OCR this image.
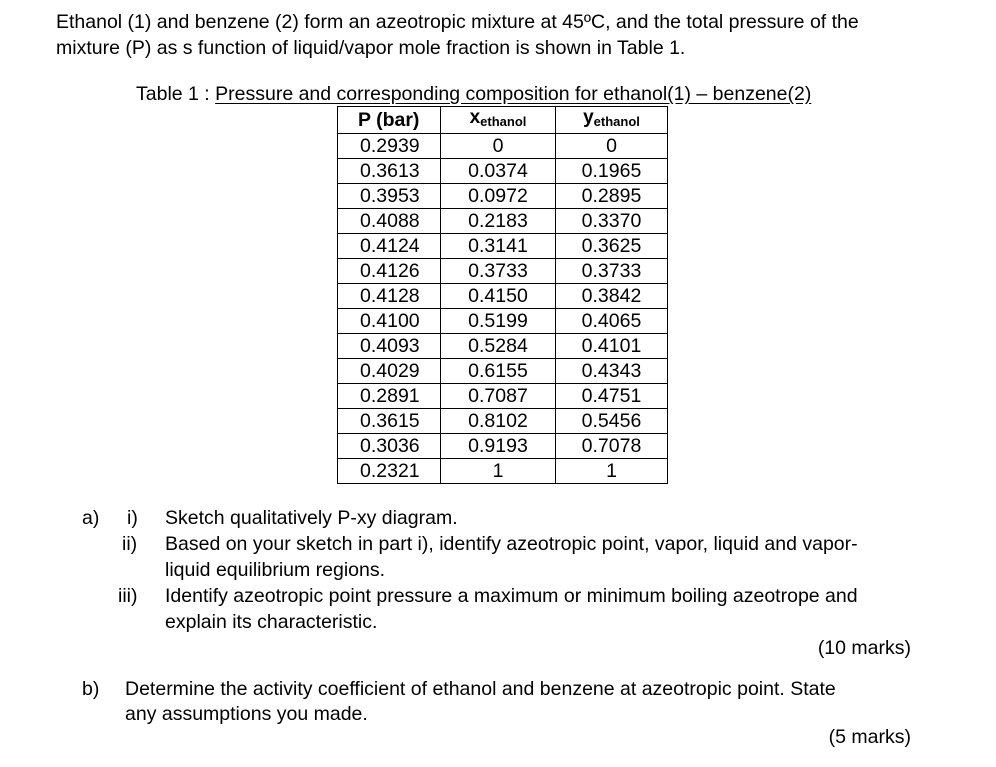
Ethanol (1) and benzene (2) form an azeotropic mixture at 45ºC, and the total pressure of the
mixture (P) as s function of liquid/vapor mole fraction is shown in Table 1.
Table 1 : Pressure and corresponding composition for ethanol(1) – benzene(2)
P (bar)	$x_{ethanol}$	$y_{ethanol}$
0.2939	0	0
0.3613	0.0374	0.1965
0.3953	0.0972	0.2895
0.4088	0.2183	0.3370
0.4124	0.3141	0.3625
0.4126	0.3733	0.3733
0.4128	0.4150	0.3842
0.4100	0.5199	0.4065
0.4093	0.5284	0.4101
0.4029	0.6155	0.4343
0.2891	0.7087	0.4751
0.3615	0.8102	0.5456
0.3036	0.9193	0.7078
0.2321	1	1
a) i) Sketch qualitatively P-xy diagram.
ii) Based on your sketch in part i), identify azeotropic point, vapor, liquid and vapor-
liquid equilibrium regions.
iii) Identify azeotropic point pressure a maximum or minimum boiling azeotrope and
explain its characteristic.
(10 marks)
b) Determine the activity coefficient of ethanol and benzene at azeotropic point. State
any assumptions you made.
(5 marks)
